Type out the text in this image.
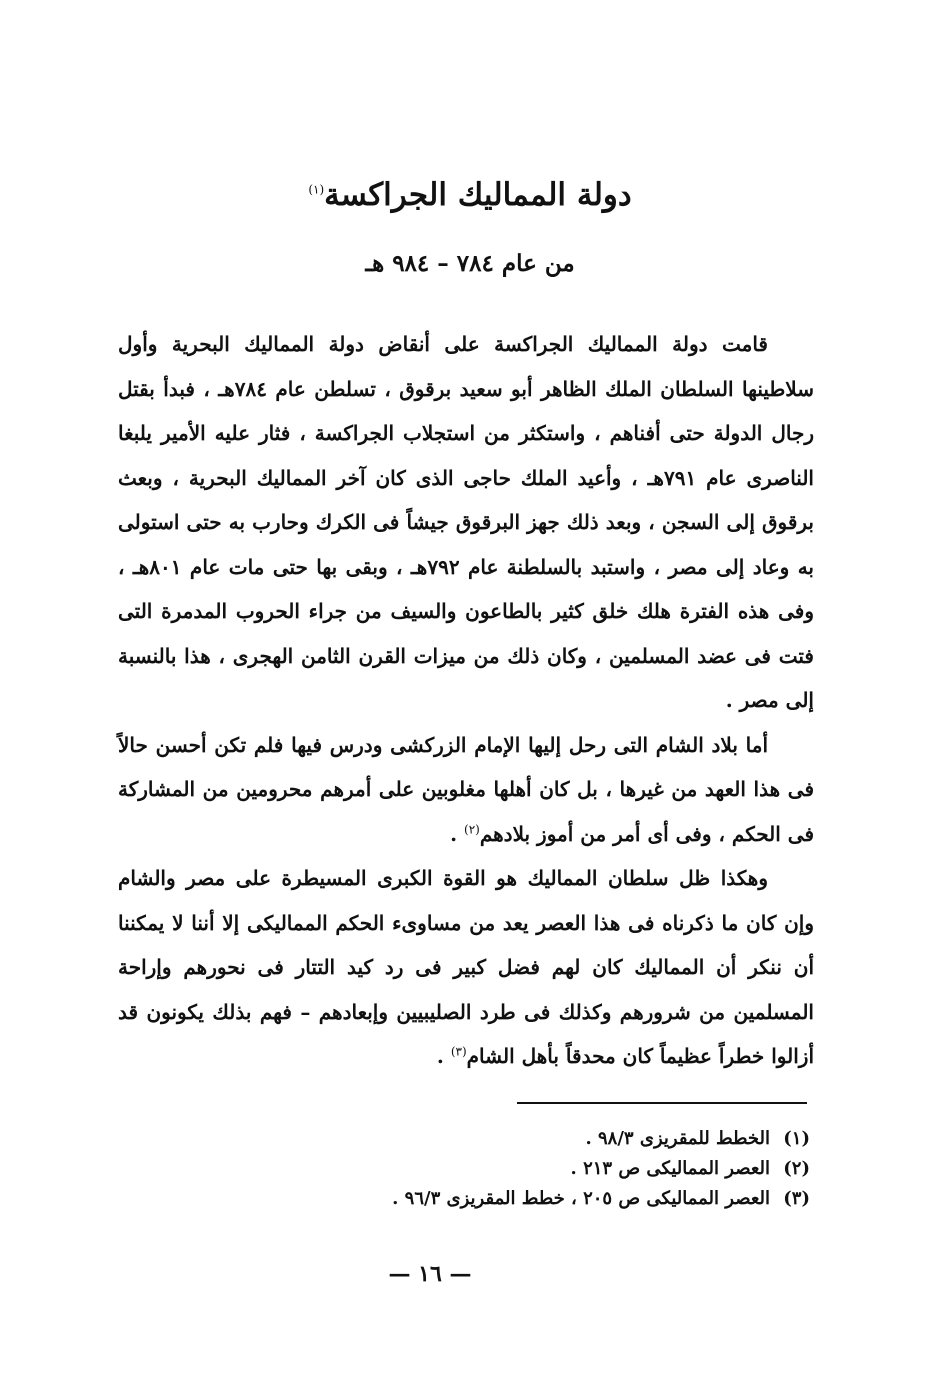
دولة المماليك الجراكسة$^{(١)}$
من عام ٧٨٤ – ٩٨٤ هـ

قامت دولة المماليك الجراكسة على أنقاض دولة المماليك البحرية وأول سلاطينها السلطان الملك الظاهر أبو سعيد برقوق ، تسلطن عام ٧٨٤هـ ، فبدأ بقتل رجال الدولة حتى أفناهم ، واستكثر من استجلاب الجراكسة ، فثار عليه الأمير يلبغا الناصرى عام ٧٩١هـ ، وأعيد الملك حاجى الذى كان آخر المماليك البحرية ، وبعث برقوق إلى السجن ، وبعد ذلك جهز البرقوق جيشاً فى الكرك وحارب به حتى استولى به وعاد إلى مصر ، واستبد بالسلطنة عام ٧٩٢هـ ، وبقى بها حتى مات عام ٨٠١هـ ، وفى هذه الفترة هلك خلق كثير بالطاعون والسيف من جراء الحروب المدمرة التى فتت فى عضد المسلمين ، وكان ذلك من ميزات القرن الثامن الهجرى ، هذا بالنسبة إلى مصر .

أما بلاد الشام التى رحل إليها الإمام الزركشى ودرس فيها فلم تكن أحسن حالاً فى هذا العهد من غيرها ، بل كان أهلها مغلوبين على أمرهم محرومين من المشاركة فى الحكم ، وفى أى أمر من أموز بلادهم$^{(٢)}$ .

وهكذا ظل سلطان المماليك هو القوة الكبرى المسيطرة على مصر والشام وإن كان ما ذكرناه فى هذا العصر يعد من مساوىء الحكم المماليكى إلا أننا لا يمكننا أن ننكر أن المماليك كان لهم فضل كبير فى رد كيد التتار فى نحورهم وإراحة المسلمين من شرورهم وكذلك فى طرد الصليبيين وإبعادهم – فهم بذلك يكونون قد أزالوا خطراً عظيماً كان محدقاً بأهل الشام$^{(٣)}$ .

(١)
الخطط للمقريزى ٩٨/٣ .
(٢)
العصر المماليكى ص ٢١٣ .
(٣)
العصر المماليكى ص ٢٠٥ ، خطط المقريزى ٩٦/٣ .
— ١٦ —
